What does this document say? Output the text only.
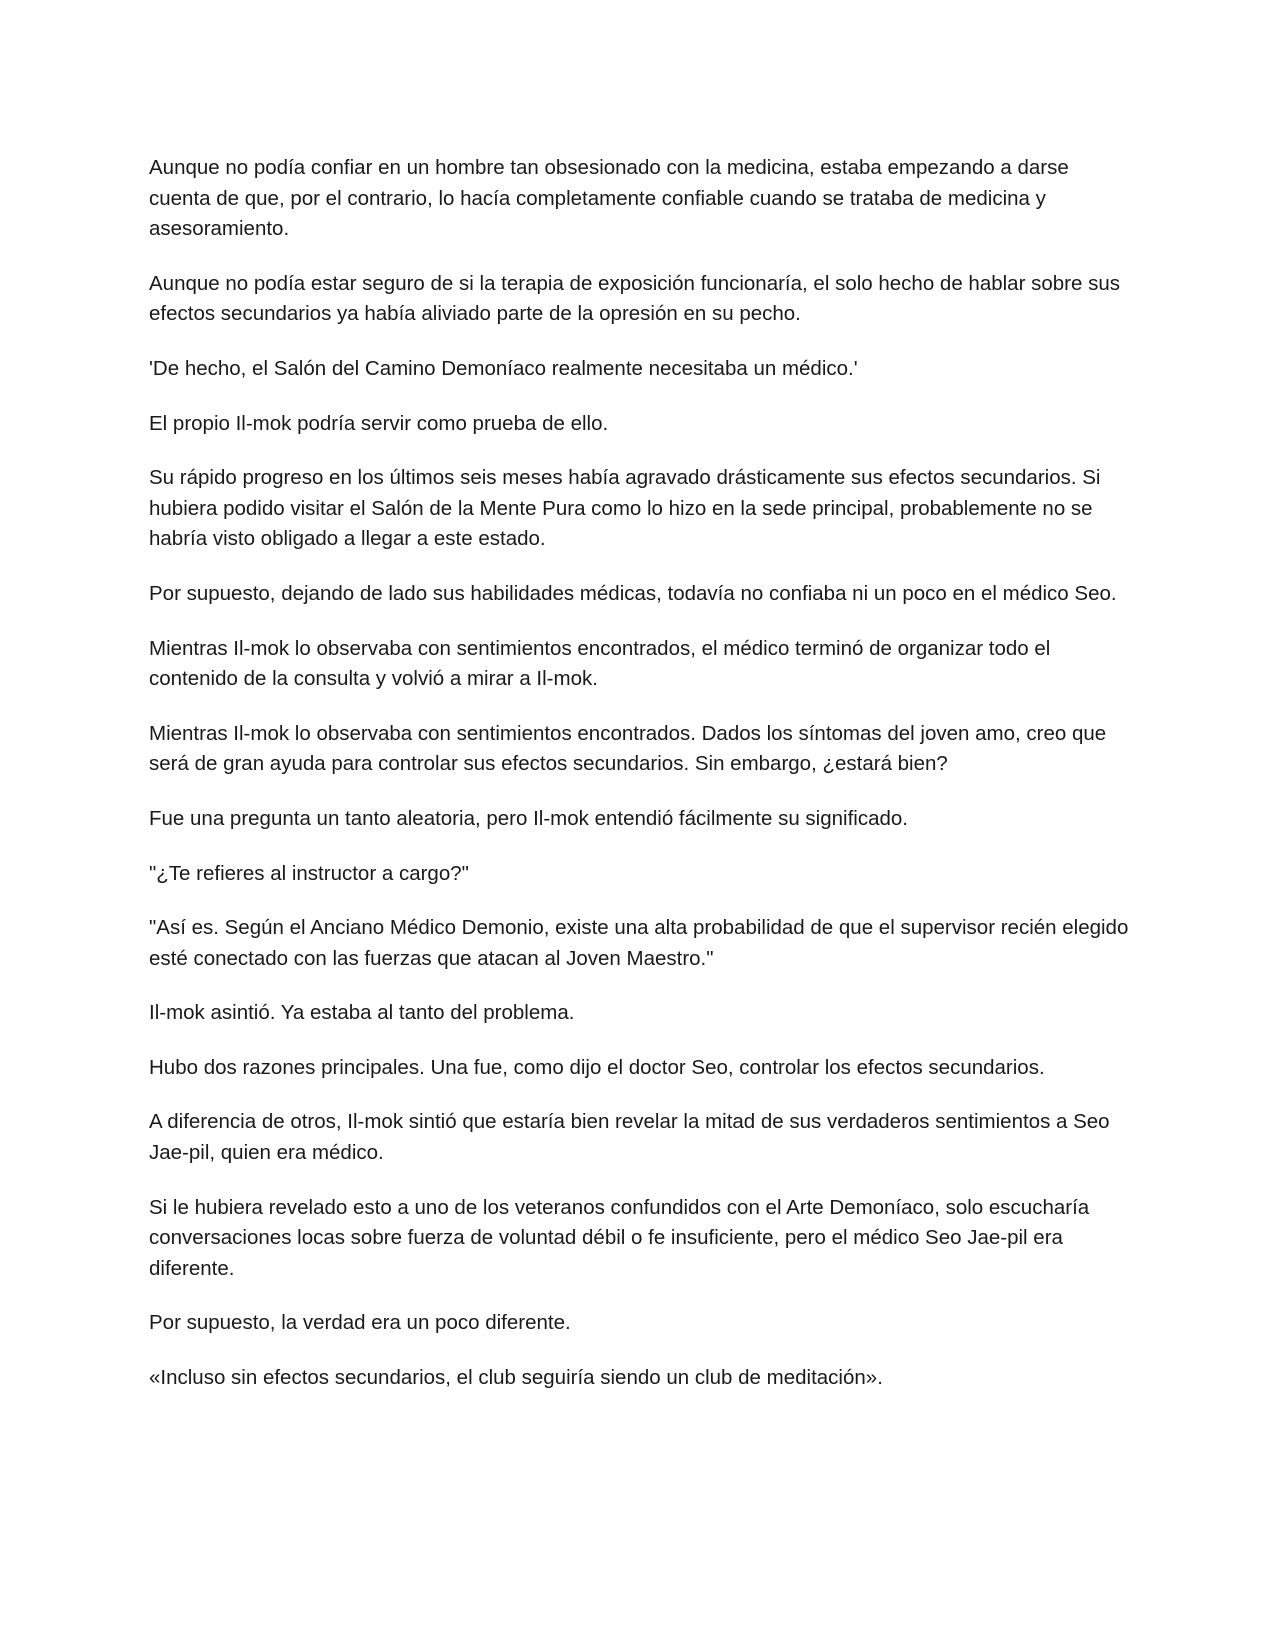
Aunque no podía confiar en un hombre tan obsesionado con la medicina, estaba empezando a darse cuenta de que, por el contrario, lo hacía completamente confiable cuando se trataba de medicina y asesoramiento.

Aunque no podía estar seguro de si la terapia de exposición funcionaría, el solo hecho de hablar sobre sus efectos secundarios ya había aliviado parte de la opresión en su pecho.

'De hecho, el Salón del Camino Demoníaco realmente necesitaba un médico.'

El propio Il-mok podría servir como prueba de ello.

Su rápido progreso en los últimos seis meses había agravado drásticamente sus efectos secundarios. Si hubiera podido visitar el Salón de la Mente Pura como lo hizo en la sede principal, probablemente no se habría visto obligado a llegar a este estado.

Por supuesto, dejando de lado sus habilidades médicas, todavía no confiaba ni un poco en el médico Seo.

Mientras Il-mok lo observaba con sentimientos encontrados, el médico terminó de organizar todo el contenido de la consulta y volvió a mirar a Il-mok.

Mientras Il-mok lo observaba con sentimientos encontrados. Dados los síntomas del joven amo, creo que será de gran ayuda para controlar sus efectos secundarios. Sin embargo, ¿estará bien?

Fue una pregunta un tanto aleatoria, pero Il-mok entendió fácilmente su significado.

"¿Te refieres al instructor a cargo?"

"Así es. Según el Anciano Médico Demonio, existe una alta probabilidad de que el supervisor recién elegido esté conectado con las fuerzas que atacan al Joven Maestro."

Il-mok asintió. Ya estaba al tanto del problema.

Hubo dos razones principales. Una fue, como dijo el doctor Seo, controlar los efectos secundarios.

A diferencia de otros, Il-mok sintió que estaría bien revelar la mitad de sus verdaderos sentimientos a Seo Jae-pil, quien era médico.

Si le hubiera revelado esto a uno de los veteranos confundidos con el Arte Demoníaco, solo escucharía conversaciones locas sobre fuerza de voluntad débil o fe insuficiente, pero el médico Seo Jae-pil era diferente.

Por supuesto, la verdad era un poco diferente.

«Incluso sin efectos secundarios, el club seguiría siendo un club de meditación».
